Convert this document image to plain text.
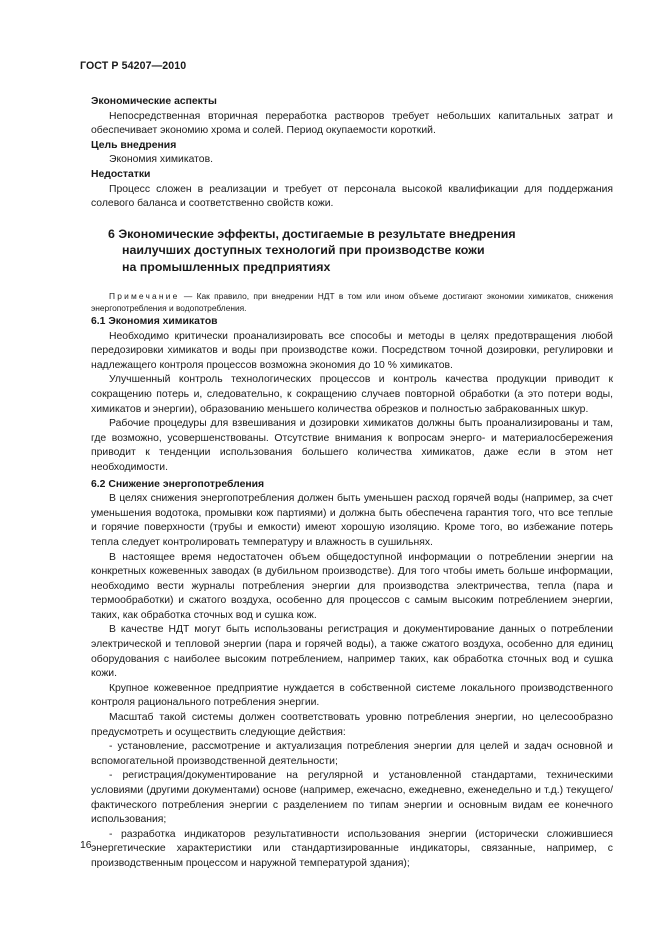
ГОСТ Р 54207—2010

Экономические аспекты

Непосредственная вторичная переработка растворов требует небольших капитальных затрат и обеспечивает экономию хрома и солей. Период окупаемости короткий.

Цель внедрения

Экономия химикатов.

Недостатки

Процесс сложен в реализации и требует от персонала высокой квалификации для поддержания солевого баланса и соответственно свойств кожи.

6 Экономические эффекты, достигаемые в результате внедрения
наилучших доступных технологий при производстве кожи
на промышленных предприятиях
Примечание — Как правило, при внедрении НДТ в том или ином объеме достигают экономии химикатов, снижения энергопотребления и водопотребления.

6.1 Экономия химикатов

Необходимо критически проанализировать все способы и методы в целях предотвращения любой передозировки химикатов и воды при производстве кожи. Посредством точной дозировки, регулировки и надлежащего контроля процессов возможна экономия до 10 % химикатов.

Улучшенный контроль технологических процессов и контроль качества продукции приводит к сокращению потерь и, следовательно, к сокращению случаев повторной обработки (а это потери воды, химикатов и энергии), образованию меньшего количества обрезков и полностью забракованных шкур.

Рабочие процедуры для взвешивания и дозировки химикатов должны быть проанализированы и там, где возможно, усовершенствованы. Отсутствие внимания к вопросам энерго- и материалосбережения приводит к тенденции использования большего количества химикатов, даже если в этом нет необходимости.

6.2 Снижение энергопотребления

В целях снижения энергопотребления должен быть уменьшен расход горячей воды (например, за счет уменьшения водотока, промывки кож партиями) и должна быть обеспечена гарантия того, что все теплые и горячие поверхности (трубы и емкости) имеют хорошую изоляцию. Кроме того, во избежание потерь тепла следует контролировать температуру и влажность в сушильнях.

В настоящее время недостаточен объем общедоступной информации о потреблении энергии на конкретных кожевенных заводах (в дубильном производстве). Для того чтобы иметь больше информации, необходимо вести журналы потребления энергии для производства электричества, тепла (пара и термообработки) и сжатого воздуха, особенно для процессов с самым высоким потреблением энергии, таких, как обработка сточных вод и сушка кож.

В качестве НДТ могут быть использованы регистрация и документирование данных о потреблении электрической и тепловой энергии (пара и горячей воды), а также сжатого воздуха, особенно для единиц оборудования с наиболее высоким потреблением, например таких, как обработка сточных вод и сушка кожи.

Крупное кожевенное предприятие нуждается в собственной системе локального производственного контроля рационального потребления энергии.

Масштаб такой системы должен соответствовать уровню потребления энергии, но целесообразно предусмотреть и осуществить следующие действия:

- установление, рассмотрение и актуализация потребления энергии для целей и задач основной и вспомогательной производственной деятельности;

- регистрация/документирование на регулярной и установленной стандартами, техническими условиями (другими документами) основе (например, ежечасно, ежедневно, еженедельно и т.д.) текущего/фактического потребления энергии с разделением по типам энергии и основным видам ее конечного использования;

- разработка индикаторов результативности использования энергии (исторически сложившиеся энергетические характеристики или стандартизированные индикаторы, связанные, например, с производственным процессом и наружной температурой здания);

16
